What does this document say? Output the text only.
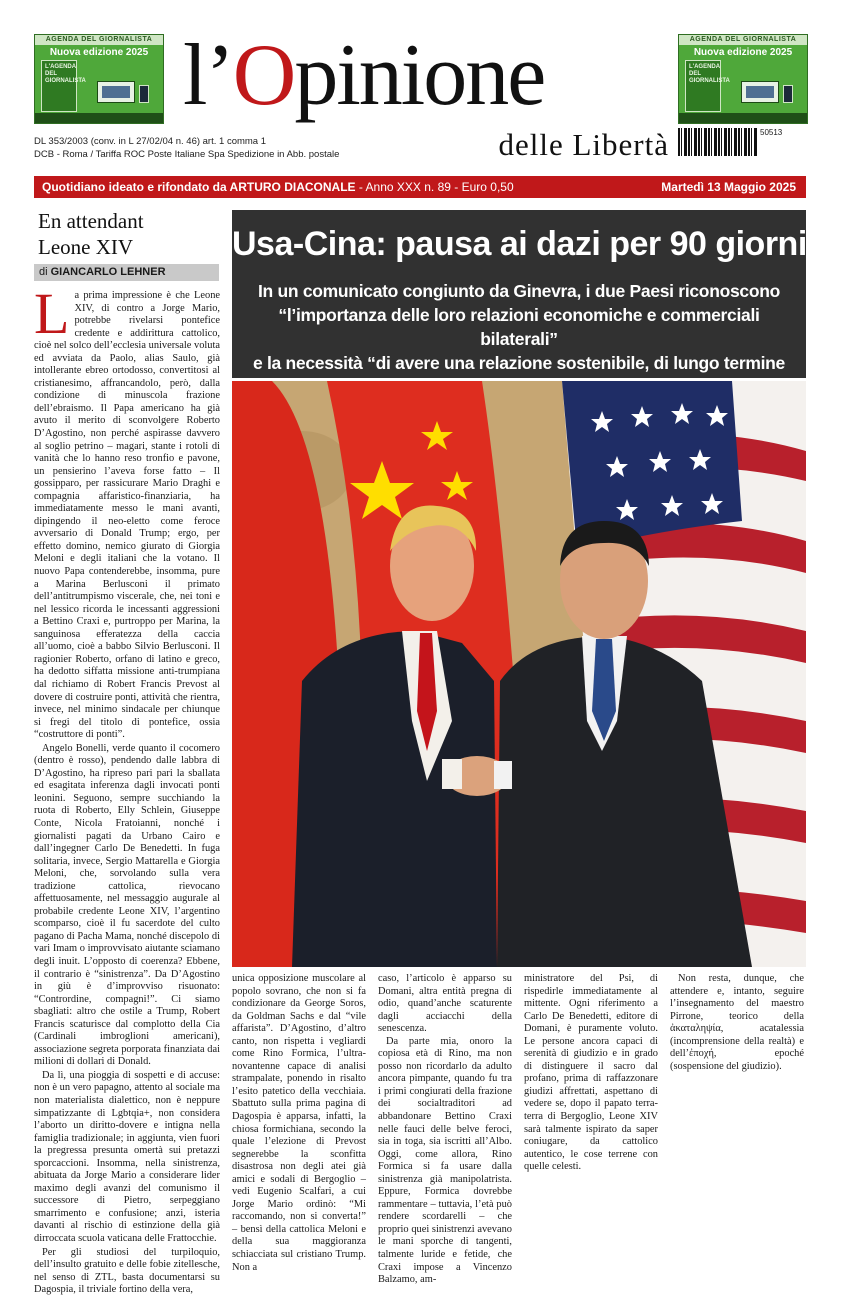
AGENDA DEL GIORNALISTA
Nuova edizione 2025
L'AGENDA DEL GIORNALISTA
AGENDA DEL GIORNALISTA
Nuova edizione 2025
L'AGENDA DEL GIORNALISTA
l’Opinione
delle Libertà	50513
DL 353/2003 (conv. in L 27/02/04 n. 46) art. 1 comma 1
DCB - Roma / Tariffa ROC Poste Italiane Spa Spedizione in Abb. postale
Quotidiano ideato e rifondato da ARTURO DIACONALE - Anno XXX n. 89 - Euro 0,50	Martedì 13 Maggio 2025
En attendant
Leone XIV
di GIANCARLO LEHNER

La prima impressione è che Leone XIV, di contro a Jorge Mario, potrebbe rivelarsi pontefice credente e addirittura cattolico, cioè nel solco dell’ecclesia universale voluta ed avviata da Paolo, alias Saulo, già intollerante ebreo ortodosso, convertitosi al cristianesimo, affrancandolo, però, dalla condizione di minuscola frazione dell’ebraismo. Il Papa americano ha già avuto il merito di sconvolgere Roberto D’Agostino, non perché aspirasse davvero al soglio petrino – magari, stante i rotoli di vanità che lo hanno reso tronfio e pavone, un pensierino l’aveva forse fatto – Il gossipparo, per rassicurare Mario Draghi e compagnia affaristico-finanziaria, ha immediatamente messo le mani avanti, dipingendo il neo-eletto come feroce avversario di Donald Trump; ergo, per effetto domino, nemico giurato di Giorgia Meloni e degli italiani che la votano. Il nuovo Papa contenderebbe, insomma, pure a Marina Berlusconi il primato dell’antitrumpismo viscerale, che, nei toni e nel lessico ricorda le incessanti aggressioni a Bettino Craxi e, purtroppo per Marina, la sanguinosa efferatezza della caccia all’uomo, cioè a babbo Silvio Berlusconi. Il ragionier Roberto, orfano di latino e greco, ha dedotto siffatta missione anti-trumpiana dal richiamo di Robert Francis Prevost al dovere di costruire ponti, attività che rientra, invece, nel minimo sindacale per chiunque si fregi del titolo di pontefice, ossia “costruttore di ponti”.

Angelo Bonelli, verde quanto il cocomero (dentro è rosso), pendendo dalle labbra di D’Agostino, ha ripreso pari pari la sballata ed esagitata inferenza dagli invocati ponti leonini. Seguono, sempre succhiando la ruota di Roberto, Elly Schlein, Giuseppe Conte, Nicola Fratoianni, nonché i giornalisti pagati da Urbano Cairo e dall’ingegner Carlo De Benedetti. In fuga solitaria, invece, Sergio Mattarella e Giorgia Meloni, che, sorvolando sulla vera tradizione cattolica, rievocano affettuosamente, nel messaggio augurale al probabile credente Leone XIV, l’argentino scomparso, cioè il fu sacerdote del culto pagano di Pacha Mama, nonché discepolo di vari Imam o improvvisato aiutante sciamano degli inuit. L’opposto di coerenza? Ebbene, il contrario è “sinistrenza”. Da D’Agostino in giù è d’improvviso risuonato: “Contrordine, compagni!”. Ci siamo sbagliati: altro che ostile a Trump, Robert Francis scaturisce dal complotto della Cia (Cardinali imbroglioni americani), associazione segreta porporata finanziata dai milioni di dollari di Donald.

Da lì, una pioggia di sospetti e di accuse: non è un vero papagno, attento al sociale ma non materialista dialettico, non è neppure simpatizzante di Lgbtqia+, non considera l’aborto un diritto-dovere e intigna nella famiglia tradizionale; in aggiunta, vien fuori la pregressa presunta omertà sui pretazzi sporcaccioni. Insomma, nella sinistrenza, abituata da Jorge Mario a considerare lider maximo degli avanzi del comunismo il successore di Pietro, serpeggiano smarrimento e confusione; anzi, isteria davanti al rischio di estinzione della già dirroccata scuola vaticana delle Frattocchie.

Per gli studiosi del turpiloquio, dell’insulto gratuito e delle fobie zitellesche, nel senso di ZTL, basta documentarsi su Dagospia, il triviale fortino della vera,

Usa-Cina: pausa ai dazi per 90 giorni
In un comunicato congiunto da Ginevra, i due Paesi riconoscono
“l’importanza delle loro relazioni economiche e commerciali bilaterali”
e la necessità “di avere una relazione sostenibile, di lungo termine

unica opposizione muscolare al popolo sovrano, che non si fa condizionare da George Soros, da Goldman Sachs e dal “vile affarista”. D’Agostino, d’altro canto, non rispetta i vegliardi come Rino Formica, l’ultra-novantenne capace di analisi strampalate, ponendo in risalto l’esito patetico della vecchiaia. Sbattuto sulla prima pagina di Dagospia è apparsa, infatti, la chiosa formichiana, secondo la quale l’elezione di Prevost segnerebbe la sconfitta disastrosa non degli atei già amici e sodali di Bergoglio – vedi Eugenio Scalfari, a cui Jorge Mario ordinò: “Mi raccomando, non si converta!” – bensì della cattolica Meloni e della sua maggioranza schiacciata sul cristiano Trump. Non a

caso, l’articolo è apparso su Domani, altra entità pregna di odio, quand’anche scaturente dagli acciacchi della senescenza.

Da parte mia, onoro la copiosa età di Rino, ma non posso non ricordarlo da adulto ancora pimpante, quando fu tra i primi congiurati della frazione dei socialtraditori ad abbandonare Bettino Craxi nelle fauci delle belve feroci, sia in toga, sia iscritti all’Albo. Oggi, come allora, Rino Formica si fa usare dalla sinistrenza già manipolatrista. Eppure, Formica dovrebbe rammentare – tuttavia, l’età può rendere scordarelli – che proprio quei sinistrenzi avevano le mani sporche di tangenti, talmente luride e fetide, che Craxi impose a Vincenzo Balzamo, am-

ministratore del Psi, di rispedirle immediatamente al mittente. Ogni riferimento a Carlo De Benedetti, editore di Domani, è puramente voluto. Le persone ancora capaci di serenità di giudizio e in grado di distinguere il sacro dal profano, prima di raffazzonare giudizi affrettati, aspettano di vedere se, dopo il papato terra-terra di Bergoglio, Leone XIV sarà talmente ispirato da saper coniugare, da cattolico autentico, le cose terrene con quelle celesti.

Non resta, dunque, che attendere e, intanto, seguire l’insegnamento del maestro Pirrone, teorico della ἀκαταληψία, acatalessia (incomprensione della realtà) e dell’ἐποχή, epoché (sospensione del giudizio).
